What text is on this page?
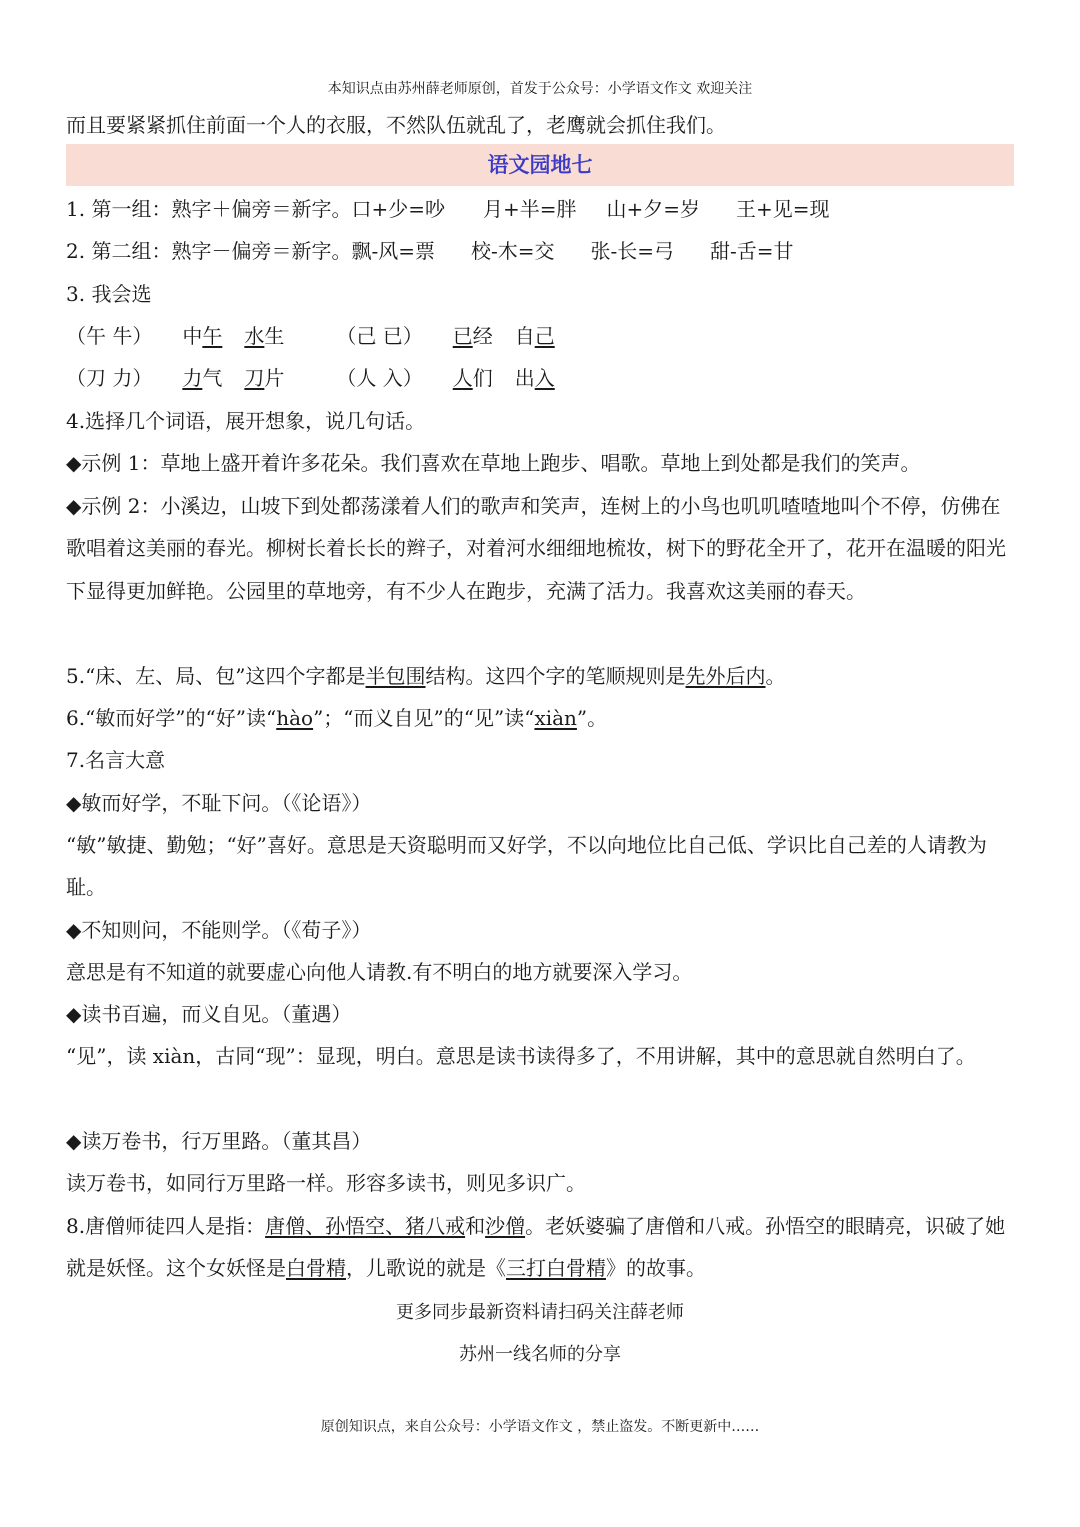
本知识点由苏州薛老师原创，首发于公众号：小学语文作文 欢迎关注
而且要紧紧抓住前面一个人的衣服，不然队伍就乱了，老鹰就会抓住我们。
语文园地七
1. 第一组：熟字＋偏旁＝新字。口+少=吵 月+半=胖 山+夕=岁 王+见=现
2. 第二组：熟字－偏旁＝新字。飘-风=票 校-木=交 张-长=弓 甜-舌=甘
3. 我会选
（午 牛） 中午 水生	（己 已） 已经 自己
（刀 力） 力气 刀片	（人 入） 人们 出入
4.选择几个词语，展开想象，说几句话。
◆示例 1：草地上盛开着许多花朵。我们喜欢在草地上跑步、唱歌。草地上到处都是我们的笑声。
◆示例 2：小溪边，山坡下到处都荡漾着人们的歌声和笑声，连树上的小鸟也叽叽喳喳地叫个不停，仿佛在歌唱着这美丽的春光。柳树长着长长的辫子，对着河水细细地梳妆，树下的野花全开了，花开在温暖的阳光下显得更加鲜艳。公园里的草地旁，有不少人在跑步，充满了活力。我喜欢这美丽的春天。
5.“床、左、局、包”这四个字都是半包围结构。这四个字的笔顺规则是先外后内。
6.“敏而好学”的“好”读“hào”；“而义自见”的“见”读“xiàn”。
7.名言大意
◆敏而好学，不耻下问。（《论语》）
“敏”敏捷、勤勉；“好”喜好。意思是天资聪明而又好学，不以向地位比自己低、学识比自己差的人请教为耻。
◆不知则问，不能则学。（《荀子》）
意思是有不知道的就要虚心向他人请教.有不明白的地方就要深入学习。
◆读书百遍，而义自见。（董遇）
“见”，读 xiàn，古同“现”：显现，明白。意思是读书读得多了，不用讲解，其中的意思就自然明白了。
◆读万卷书，行万里路。（董其昌）
读万卷书，如同行万里路一样。形容多读书，则见多识广。
8.唐僧师徒四人是指：唐僧、孙悟空、猪八戒和沙僧。老妖婆骗了唐僧和八戒。孙悟空的眼睛亮，识破了她就是妖怪。这个女妖怪是白骨精，儿歌说的就是《三打白骨精》的故事。
更多同步最新资料请扫码关注薛老师
苏州一线名师的分享
原创知识点，来自公众号：小学语文作文 ，禁止盗发。不断更新中……
